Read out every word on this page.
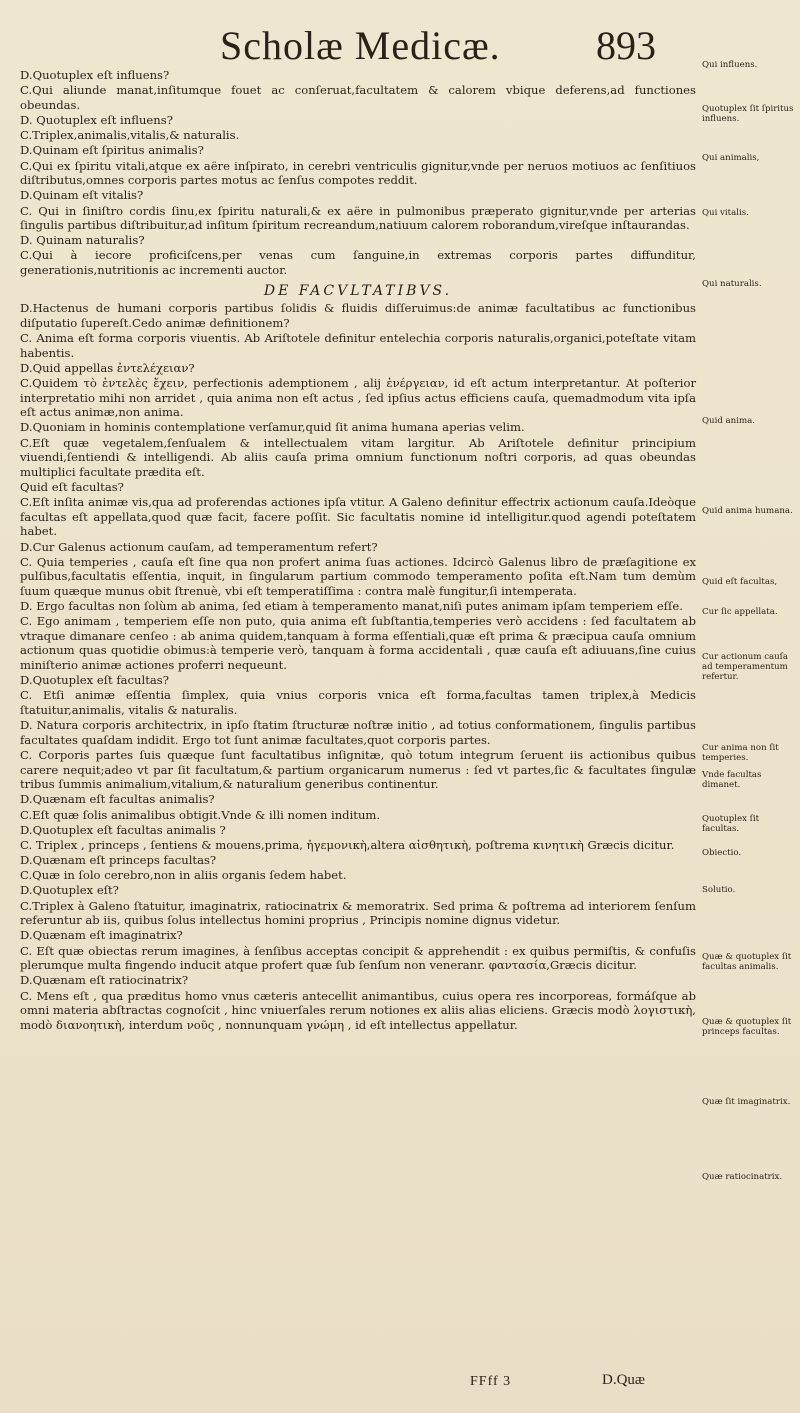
Scholæ Medicæ. 893

D.Quotuplex eſt influens?

C.Qui aliunde manat,inſitumque fouet ac conſeruat,facultatem & calorem vbique deferens,ad functiones obeundas.

D. Quotuplex eſt influens?

C.Triplex,animalis,vitalis,& naturalis.

D.Quinam eſt ſpiritus animalis?

C.Qui ex ſpiritu vitali,atque ex aëre inſpirato, in cerebri ventriculis gignitur,vnde per neruos motiuos ac ſenſitiuos diſtributus,omnes corporis partes motus ac ſenſus compotes reddit.

D.Quinam eſt vitalis?

C. Qui in ſiniſtro cordis ſinu,ex ſpiritu naturali,& ex aëre in pulmonibus præperato gignitur,vnde per arterias ſingulis partibus diſtribuitur,ad inſitum ſpiritum recreandum,natiuum calorem roborandum,vireſque inſtaurandas.

D. Quinam naturalis?

C.Qui à iecore proficiſcens,per venas cum ſanguine,in extremas corporis partes diffunditur, generationis,nutritionis ac incrementi auctor.

DE FACVLTATIBVS.

D.Hactenus de humani corporis partibus ſolidis & fluidis diſſeruimus:de animæ facultatibus ac functionibus diſputatio ſupereſt.Cedo animæ definitionem?

C. Anima eſt forma corporis viuentis. Ab Ariſtotele definitur entelechia corporis naturalis,organici,poteſtate vitam habentis.

D.Quid appellas ἐντελέχειαν?

C.Quidem τὸ ἐντελὲς ἔχειν, perfectionis ademptionem , alij ἐνέργειαν, id eſt actum interpretantur. At poſterior interpretatio mihi non arridet , quia anima non eſt actus , ſed ipſius actus efficiens cauſa, quemadmodum vita ipſa eſt actus animæ,non anima.

D.Quoniam in hominis contemplatione verſamur,quid ſit anima humana aperias velim.

C.Eſt quæ vegetalem,ſenſualem & intellectualem vitam largitur. Ab Ariſtotele definitur principium viuendi,ſentiendi & intelligendi. Ab aliis cauſa prima omnium functionum noſtri corporis, ad quas obeundas multiplici facultate prædita eſt.

Quid eſt facultas?

C.Eſt inſita animæ vis,qua ad proferendas actiones ipſa vtitur. A Galeno definitur effectrix actionum cauſa.Ideòque facultas eſt appellata,quod quæ facit, facere poſſit. Sic facultatis nomine id intelligitur.quod agendi poteſtatem habet.

D.Cur Galenus actionum cauſam, ad temperamentum refert?

C. Quia temperies , cauſa eſt ſine qua non profert anima ſuas actiones. Idcircò Galenus libro de præſagitione ex pulſibus,facultatis eſſentia, inquit, in ſingularum partium commodo temperamento poſita eſt.Nam tum demùm ſuum quæque munus obit ſtrenuè, vbi eſt temperatiſſima : contra malè fungitur,ſi intemperata.

D. Ergo facultas non ſolùm ab anima, ſed etiam à temperamento manat,niſi putes animam ipſam temperiem eſſe.

C. Ego animam , temperiem eſſe non puto, quia anima eſt ſubſtantia,temperies verò accidens : ſed facultatem ab vtraque dimanare cenſeo : ab anima quidem,tanquam à forma eſſentiali,quæ eſt prima & præcipua cauſa omnium actionum quas quotidie obimus:à temperie verò, tanquam à forma accidentali , quæ cauſa eſt adiuuans,ſine cuius miniſterio animæ actiones proferri nequeunt.

D.Quotuplex eſt facultas?

C. Etſi animæ eſſentia ſimplex, quia vnius corporis vnica eſt forma,facultas tamen triplex,à Medicis ſtatuitur,animalis, vitalis & naturalis.

D. Natura corporis architectrix, in ipſo ſtatim ſtructuræ noſtræ initio , ad totius conformationem, ſingulis partibus facultates quaſdam indidit. Ergo tot ſunt animæ facultates,quot corporis partes.

C. Corporis partes ſuis quæque ſunt facultatibus inſignitæ, quò totum integrum ſeruent iis actionibus quibus carere nequit;adeo vt par ſit facultatum,& partium organicarum numerus : ſed vt partes,ſic & facultates ſingulæ tribus ſummis animalium,vitalium,& naturalium generibus continentur.

D.Quænam eſt facultas animalis?

C.Eſt quæ ſolis animalibus obtigit.Vnde & illi nomen inditum.

D.Quotuplex eſt facultas animalis ?

C. Triplex , princeps , ſentiens & mouens,prima, ἡγεμονικὴ,altera αἰσθητικὴ, poſtrema κινητικὴ Græcis dicitur.

D.Quænam eſt princeps facultas?

C.Quæ in ſolo cerebro,non in aliis organis ſedem habet.

D.Quotuplex eſt?

C.Triplex à Galeno ſtatuitur, imaginatrix, ratiocinatrix & memoratrix. Sed prima & poſtrema ad interiorem ſenſum referuntur ab iis, quibus ſolus intellectus homini proprius , Principis nomine dignus videtur.

D.Quænam eſt imaginatrix?

C. Eſt quæ obiectas rerum imagines, à ſenſibus acceptas concipit & apprehendit : ex quibus permiſtis, & confuſis plerumque multa fingendo inducit atque profert quæ ſub ſenſum non veneranr. φαντασία,Græcis dicitur.

D.Quænam eſt ratiocinatrix?

C. Mens eſt , qua præditus homo vnus cæteris antecellit animantibus, cuius opera res incorporeas, formáſque ab omni materia abſtractas cognoſcit , hinc vniuerſales rerum notiones ex aliis alias eliciens. Græcis modò λογιστικὴ, modò διανοητικὴ, interdum νοῦς , nonnunquam γνώμη , id eſt intellectus appellatur.

Qui influens.
Quotuplex ſit ſpiritus influens.
Qui animalis,
Qui vitalis.
Qui naturalis.
Quid anima.
Quid anima humana.
Quid eſt facultas,
Cur ſic appellata.
Cur actionum cauſa ad temperamentum refertur.
Cur anima non ſit temperies.
Vnde facultas dimanet.
Quotuplex ſit facultas.
Obiectio.
Solutio.
Quæ & quotuplex ſit facultas animalis.
Quæ & quotuplex ſit princeps facultas.
Quæ ſit imaginatrix.
Quæ ratiocinatrix.
FFff 3	D.Quæ
